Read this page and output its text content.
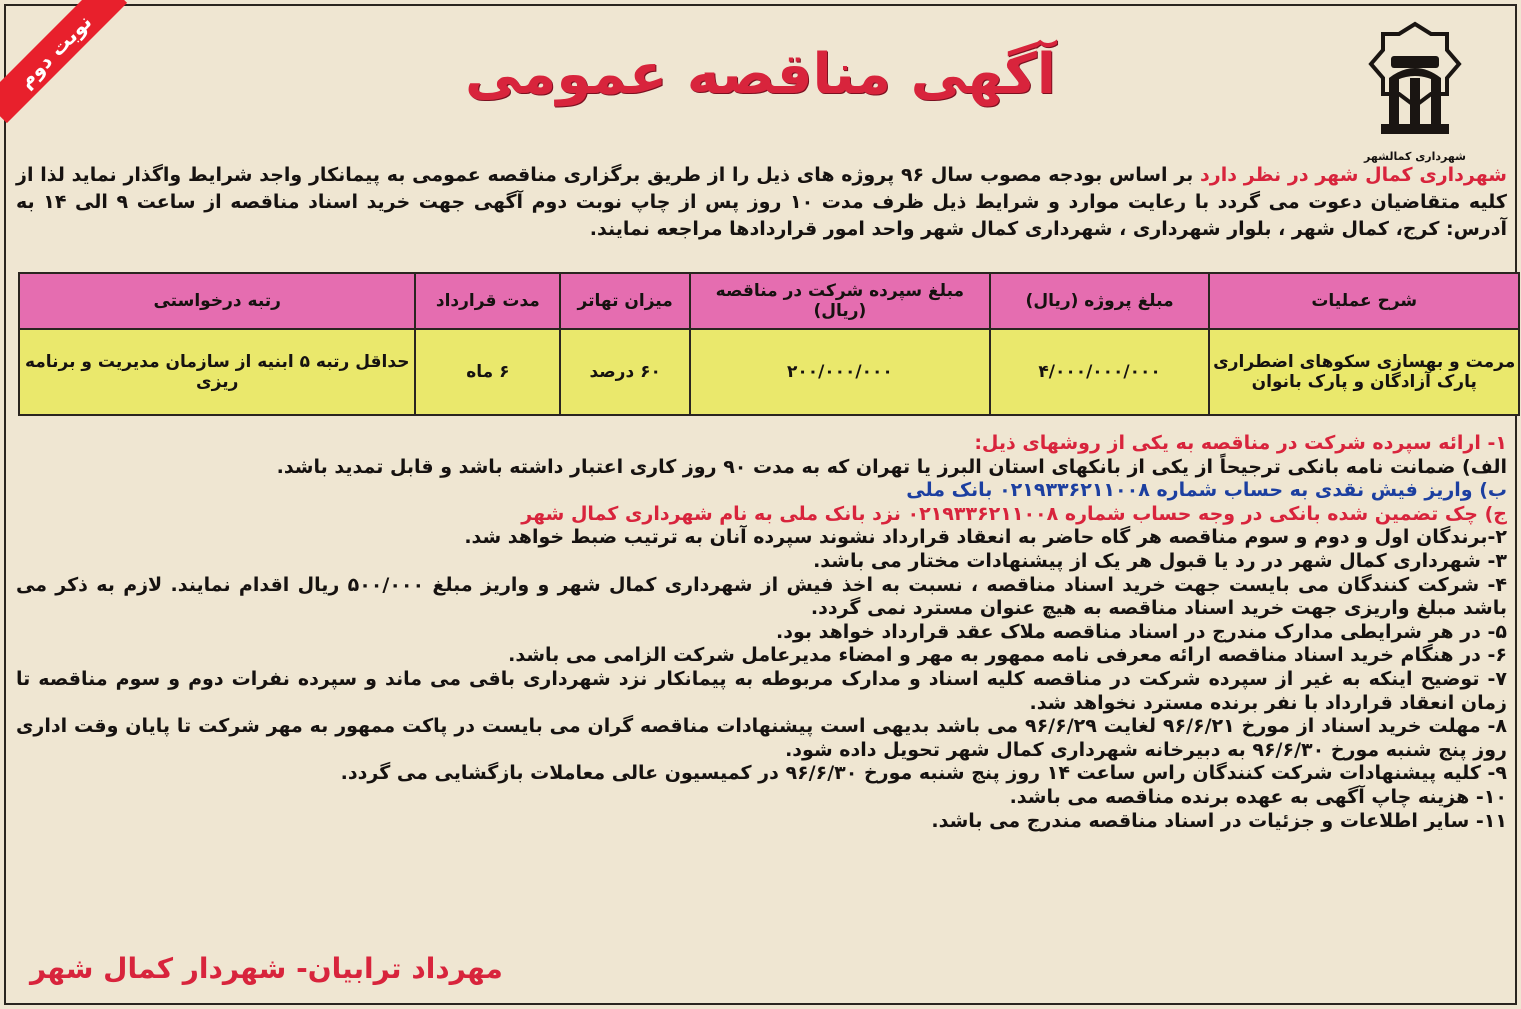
نوبت دوم	آگهی مناقصه عمومی
شهرداری کمالشهر
شهرداری کمال شهر در نظر دارد بر اساس بودجه مصوب سال ۹۶ پروژه های ذیل را از طریق برگزاری مناقصه عمومی به پیمانکار واجد شرایط واگذار نماید لذا از کلیه متقاضیان دعوت می گردد با رعایت موارد و شرایط ذیل ظرف مدت ۱۰ روز پس از چاپ نوبت دوم آگهی جهت خرید اسناد مناقصه از ساعت ۹ الی ۱۴ به آدرس: کرج، کمال شهر ، بلوار شهرداری ، شهرداری کمال شهر واحد امور قراردادها مراجعه نمایند.
شرح عملیات	مبلغ پروژه (ریال)	مبلغ سپرده شرکت در مناقصه (ریال)	میزان تهاتر	مدت قرارداد	رتبه درخواستی
مرمت و بهسازی سکوهای اضطراری پارک آزادگان و پارک بانوان	۴/۰۰۰/۰۰۰/۰۰۰	۲۰۰/۰۰۰/۰۰۰	۶۰ درصد	۶ ماه	حداقل رتبه ۵ ابنیه از سازمان مدیریت و برنامه ریزی
۱- ارائه سپرده شرکت در مناقصه به یکی از روشهای ذیل:
الف) ضمانت نامه بانکی ترجیحاً از یکی از بانکهای استان البرز یا تهران که به مدت ۹۰ روز کاری اعتبار داشته باشد و قابل تمدید باشد.
ب) واریز فیش نقدی به حساب شماره ۰۲۱۹۳۳۶۲۱۱۰۰۸ بانک ملی
ج) چک تضمین شده بانکی در وجه حساب شماره ۰۲۱۹۳۳۶۲۱۱۰۰۸ نزد بانک ملی به نام شهرداری کمال شهر
۲-برندگان اول و دوم و سوم مناقصه هر گاه حاضر به انعقاد قرارداد نشوند سپرده آنان به ترتیب ضبط خواهد شد.
۳- شهرداری کمال شهر در رد یا قبول هر یک از پیشنهادات مختار می باشد.
۴- شرکت کنندگان می بایست جهت خرید اسناد مناقصه ، نسبت به اخذ فیش از شهرداری کمال شهر و واریز مبلغ ۵۰۰/۰۰۰ ریال اقدام نمایند. لازم به ذکر می باشد مبلغ واریزی جهت خرید اسناد مناقصه به هیچ عنوان مسترد نمی گردد.
۵- در هر شرایطی مدارک مندرج در اسناد مناقصه ملاک عقد قرارداد خواهد بود.
۶- در هنگام خرید اسناد مناقصه ارائه معرفی نامه ممهور به مهر و امضاء مدیرعامل شرکت الزامی می باشد.
۷- توضیح اینکه به غیر از سپرده شرکت در مناقصه کلیه اسناد و مدارک مربوطه به پیمانکار نزد شهرداری باقی می ماند و سپرده نفرات دوم و سوم مناقصه تا زمان انعقاد قرارداد با نفر برنده مسترد نخواهد شد.
۸- مهلت خرید اسناد از مورخ ۹۶/۶/۲۱ لغایت ۹۶/۶/۲۹ می باشد بدیهی است پیشنهادات مناقصه گران می بایست در پاکت ممهور به مهر شرکت تا پایان وقت اداری روز پنج شنبه مورخ ۹۶/۶/۳۰ به دبیرخانه شهرداری کمال شهر تحویل داده شود.
۹- کلیه پیشنهادات شرکت کنندگان راس ساعت ۱۴ روز پنج شنبه مورخ ۹۶/۶/۳۰ در کمیسیون عالی معاملات بازگشایی می گردد.
۱۰- هزینه چاپ آگهی به عهده برنده مناقصه می باشد.
۱۱- سایر اطلاعات و جزئیات در اسناد مناقصه مندرج می باشد.
مهرداد ترابیان- شهردار کمال شهر
